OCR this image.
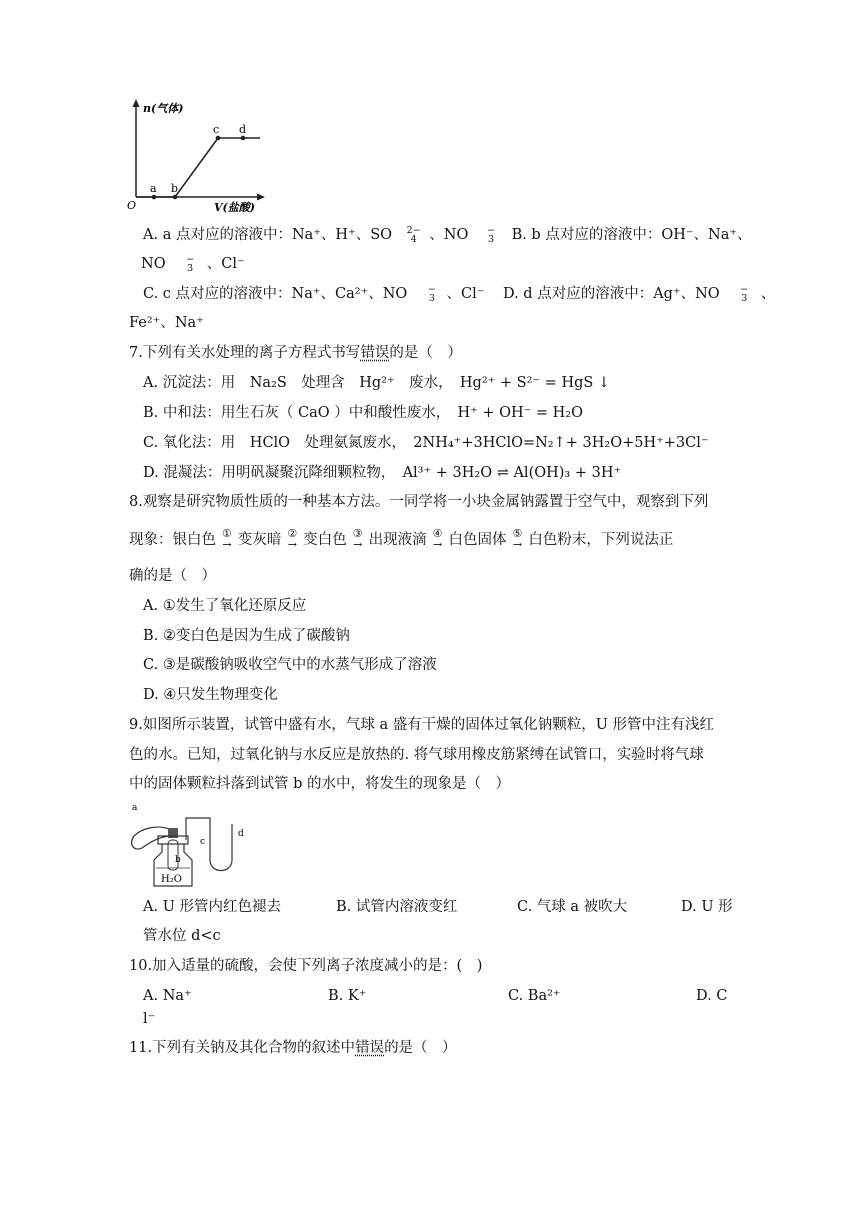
n(气体)
O	V(盐酸)
a b
c d
A. a 点对应的溶液中：Na⁺、H⁺、SO 2−
4 、NO −
3 B. b 点对应的溶液中：OH⁻、Na⁺、
NO −
3 、Cl⁻
C. c 点对应的溶液中：Na⁺、Ca²⁺、NO −
3 、Cl⁻ D. d 点对应的溶液中：Ag⁺、NO −
3 、
Fe²⁺、Na⁺
7.下列有关水处理的离子方程式书写错误的是（　）
A. 沉淀法：用　Na₂S　处理含　Hg²⁺　废水，　Hg²⁺ + S²⁻ = HgS ↓
B. 中和法：用生石灰（ CaO ）中和酸性废水，　H⁺ + OH⁻ = H₂O
C. 氧化法：用　HClO　处理氨氮废水，　2NH₄⁺+3HClO=N₂↑+ 3H₂O+5H⁺+3Cl⁻
D. 混凝法：用明矾凝聚沉降细颗粒物，　Al³⁺ + 3H₂O ⇌ Al(OH)₃ + 3H⁺
8.观察是研究物质性质的一种基本方法。一同学将一小块金属钠露置于空气中，观察到下列
现象：银白色 ①
→ 变灰暗 ②
→ 变白色 ③
→ 出现液滴 ④
→ 白色固体 ⑤
→ 白色粉末，下列说法正
确的是（　）
A. ①发生了氧化还原反应
B. ②变白色是因为生成了碳酸钠
C. ③是碳酸钠吸收空气中的水蒸气形成了溶液
D. ④只发生物理变化
9.如图所示装置，试管中盛有水，气球 a 盛有干燥的固体过氧化钠颗粒，U 形管中注有浅红
色的水。已知，过氧化钠与水反应是放热的. 将气球用橡皮筋紧缚在试管口，实验时将气球
中的固体颗粒抖落到试管 b 的水中，将发生的现象是（　）
a
b
c
d
H₂O
A. U 形管内红色褪去	B. 试管内溶液变红	C. 气球 a 被吹大	D. U 形
管水位 d<c
10.加入适量的硫酸，会使下列离子浓度减小的是：(　)
A. Na⁺	B. K⁺	C. Ba²⁺	D. C
l⁻
11.下列有关钠及其化合物的叙述中错误的是（　）
